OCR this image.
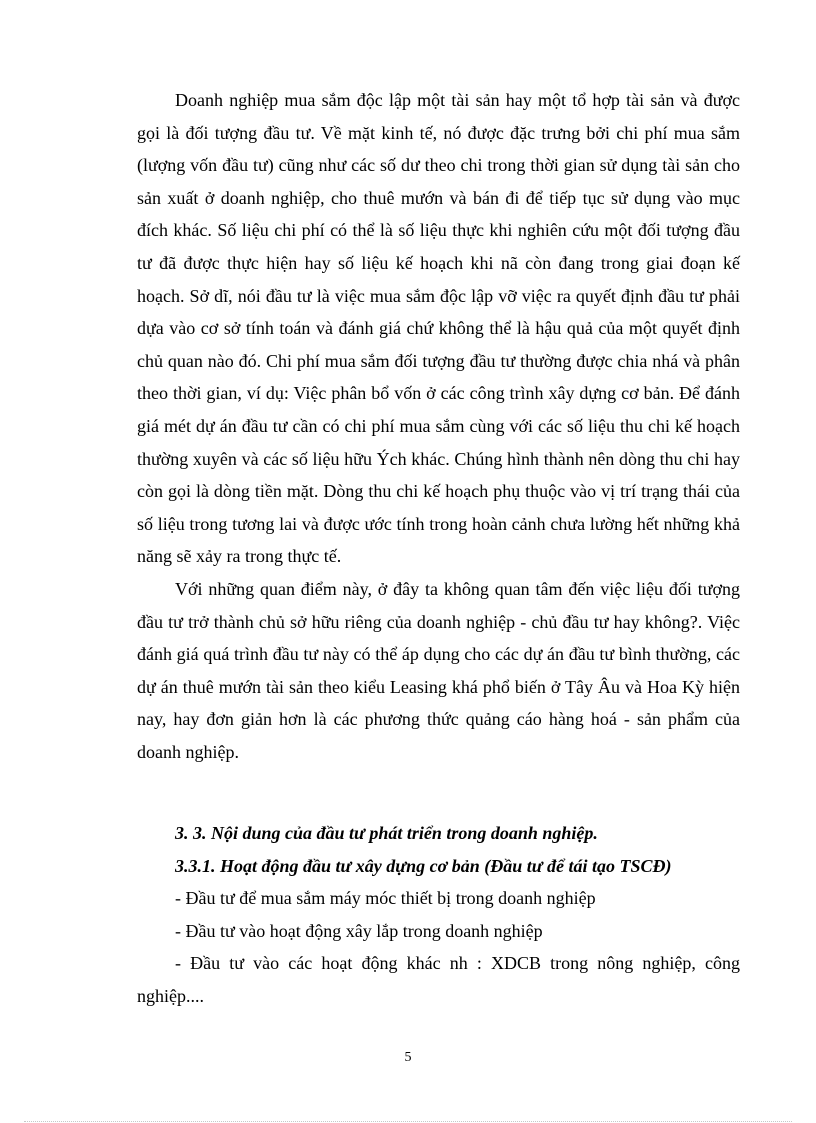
Doanh nghiệp mua sắm độc lập một tài sản hay một tổ hợp tài sản và được gọi là đối tượng đầu tư. Về mặt kinh tế, nó được đặc trưng bởi chi phí mua sắm (lượng vốn đầu tư) cũng như các số dư theo chi trong thời gian sử dụng tài sản cho sản xuất ở doanh nghiệp, cho thuê mướn và bán đi để tiếp tục sử dụng vào mục đích khác. Số liệu chi phí có thể là số liệu thực khi nghiên cứu một đối tượng đầu tư đã được thực hiện hay số liệu kế hoạch khi nã còn đang trong giai đoạn kế hoạch. Sở dĩ, nói đầu tư là việc mua sắm độc lập vỡ việc ra quyết định đầu tư phải dựa vào cơ sở tính toán và đánh giá chứ không thể là hậu quả của một quyết định chủ quan nào đó. Chi phí mua sắm đối tượng đầu tư thường được chia nhá và phân theo thời gian, ví dụ: Việc phân bổ vốn ở các công trình xây dựng cơ bản. Để đánh giá mét dự án đầu tư cần có chi phí mua sắm cùng với các số liệu thu chi kế hoạch thường xuyên và các số liệu hữu Ých khác. Chúng hình thành nên dòng thu chi hay còn gọi là dòng tiền mặt. Dòng thu chi kế hoạch phụ thuộc vào vị trí trạng thái của số liệu trong tương lai và được ước tính trong hoàn cảnh chưa lường hết những khả năng sẽ xảy ra trong thực tế.

Với những quan điểm này, ở đây ta không quan tâm đến việc liệu đối tượng đầu tư trở thành chủ sở hữu riêng của doanh nghiệp - chủ đầu tư hay không?. Việc đánh giá quá trình đầu tư này có thể áp dụng cho các dự án đầu tư bình thường, các dự án thuê mướn tài sản theo kiểu Leasing khá phổ biến ở Tây Âu và Hoa Kỳ hiện nay, hay đơn giản hơn là các phương thức quảng cáo hàng hoá - sản phẩm của doanh nghiệp.

3. 3. Nội dung của đầu tư phát triển trong doanh nghiệp.

3.3.1. Hoạt động đầu tư xây dựng cơ bản (Đầu tư để tái tạo TSCĐ)

- Đầu tư để mua sắm máy móc thiết bị trong doanh nghiệp

- Đầu tư vào hoạt động xây lắp trong doanh nghiệp

- Đầu tư vào các hoạt động khác nh : XDCB trong nông nghiệp, công nghiệp....

5
